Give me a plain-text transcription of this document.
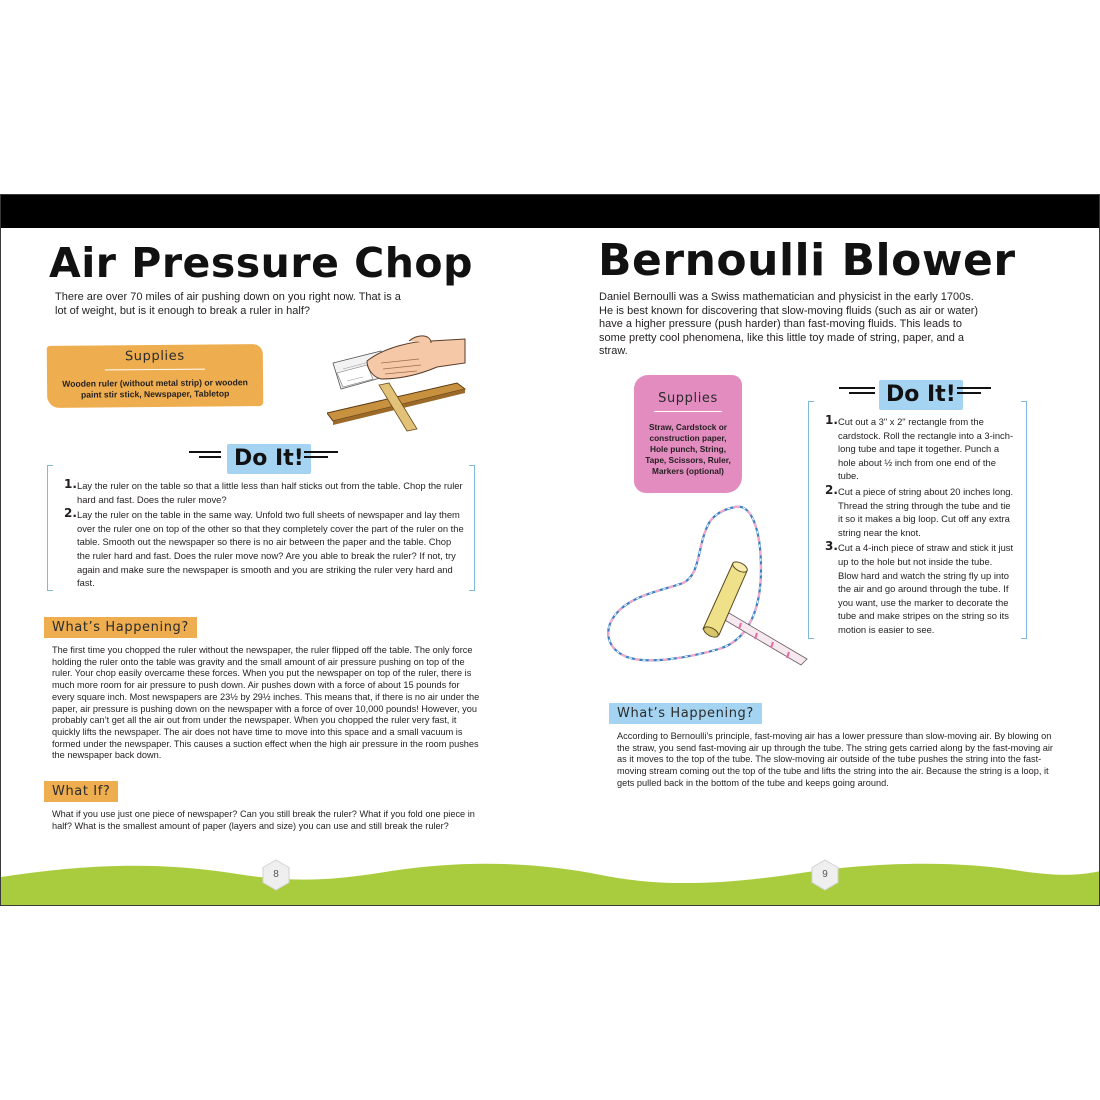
Air Pressure Chop
There are over 70 miles of air pushing down on you right now. That is a lot of weight, but is it enough to break a ruler in half?
Supplies
Wooden ruler (without metal strip) or wooden paint stir stick, Newspaper, Tabletop
Do It!
1. Lay the ruler on the table so that a little less than half sticks out from the table. Chop the ruler hard and fast. Does the ruler move?
2. Lay the ruler on the table in the same way. Unfold two full sheets of newspaper and lay them over the ruler one on top of the other so that they completely cover the part of the ruler on the table. Smooth out the newspaper so there is no air between the paper and the table. Chop the ruler hard and fast. Does the ruler move now? Are you able to break the ruler? If not, try again and make sure the newspaper is smooth and you are striking the ruler very hard and fast.
What’s Happening?
The first time you chopped the ruler without the newspaper, the ruler flipped off the table. The only force holding the ruler onto the table was gravity and the small amount of air pressure pushing on top of the ruler. Your chop easily overcame these forces. When you put the newspaper on top of the ruler, there is much more room for air pressure to push down. Air pushes down with a force of about 15 pounds for every square inch. Most newspapers are 23½ by 29½ inches. This means that, if there is no air under the paper, air pressure is pushing down on the newspaper with a force of over 10,000 pounds! However, you probably can’t get all the air out from under the newspaper. When you chopped the ruler very fast, it quickly lifts the newspaper. The air does not have time to move into this space and a small vacuum is formed under the newspaper. This causes a suction effect when the high air pressure in the room pushes the newspaper back down.
What If?
What if you use just one piece of newspaper? Can you still break the ruler? What if you fold one piece in half? What is the smallest amount of paper (layers and size) you can use and still break the ruler?
Bernoulli Blower
Daniel Bernoulli was a Swiss mathematician and physicist in the early 1700s. He is best known for discovering that slow-moving fluids (such as air or water) have a higher pressure (push harder) than fast-moving fluids. This leads to some pretty cool phenomena, like this little toy made of string, paper, and a straw.
Supplies
Straw, Cardstock or construction paper, Hole punch, String, Tape, Scissors, Ruler, Markers (optional)
Do It!
1. Cut out a 3" x 2" rectangle from the cardstock. Roll the rectangle into a 3-inch-long tube and tape it together. Punch a hole about ½ inch from one end of the tube.
2. Cut a piece of string about 20 inches long. Thread the string through the tube and tie it so it makes a big loop. Cut off any extra string near the knot.
3. Cut a 4-inch piece of straw and stick it just up to the hole but not inside the tube. Blow hard and watch the string fly up into the air and go around through the tube. If you want, use the marker to decorate the tube and make stripes on the string so its motion is easier to see.
What’s Happening?
According to Bernoulli’s principle, fast-moving air has a lower pressure than slow-moving air. By blowing on the straw, you send fast-moving air up through the tube. The string gets carried along by the fast-moving air as it moves to the top of the tube. The slow-moving air outside of the tube pushes the string into the fast-moving stream coming out the top of the tube and lifts the string into the air. Because the string is a loop, it gets pulled back in the bottom of the tube and keeps going around.
8	9
